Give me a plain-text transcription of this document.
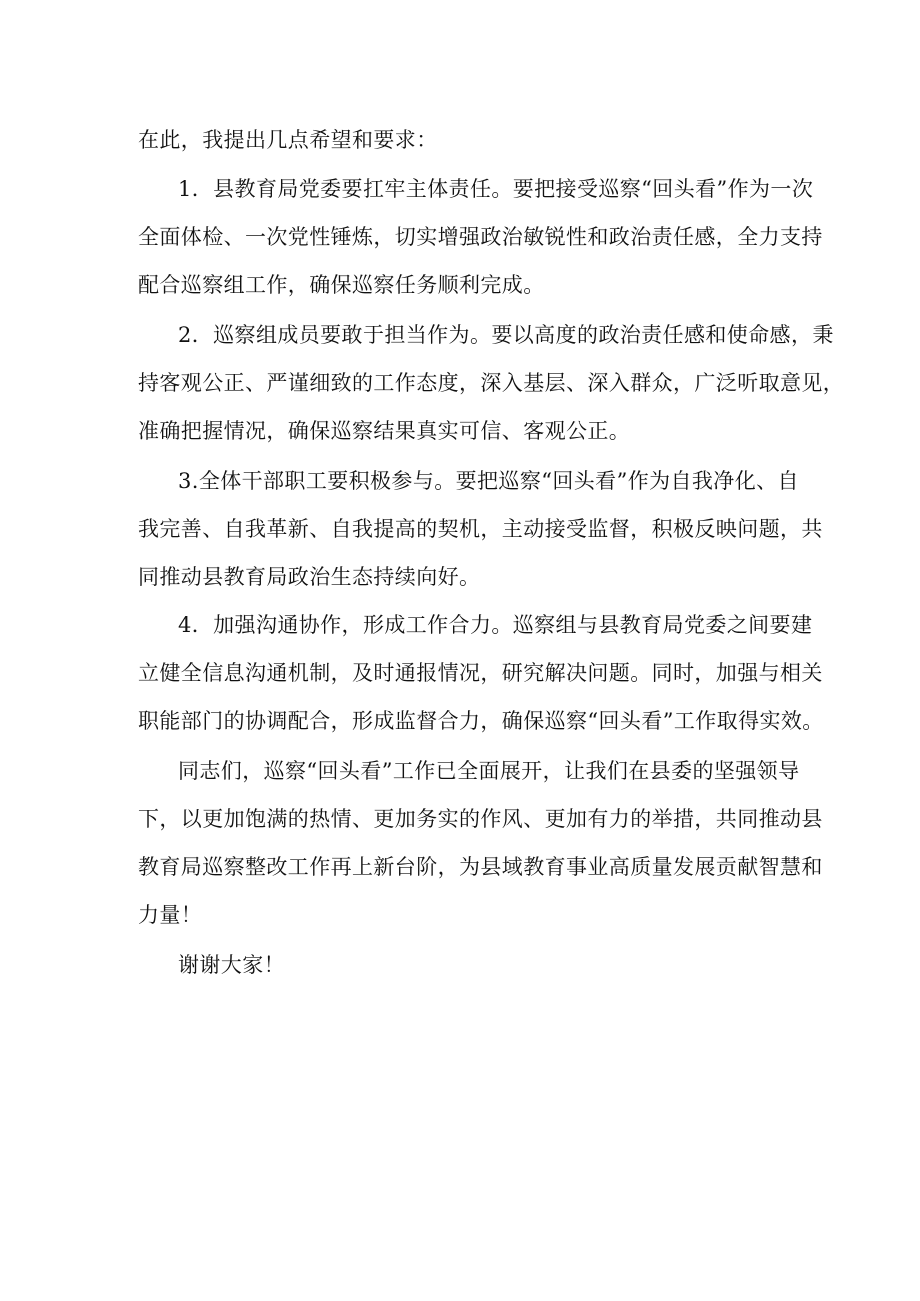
在此，我提出几点希望和要求：
1．县教育局党委要扛牢主体责任。要把接受巡察“回头看”作为一次
全面体检、一次党性锤炼，切实增强政治敏锐性和政治责任感，全力支持
配合巡察组工作，确保巡察任务顺利完成。
2．巡察组成员要敢于担当作为。要以高度的政治责任感和使命感，秉
持客观公正、严谨细致的工作态度，深入基层、深入群众，广泛听取意见，
准确把握情况，确保巡察结果真实可信、客观公正。
3.全体干部职工要积极参与。要把巡察“回头看”作为自我净化、自
我完善、自我革新、自我提高的契机，主动接受监督，积极反映问题，共
同推动县教育局政治生态持续向好。
4．加强沟通协作，形成工作合力。巡察组与县教育局党委之间要建
立健全信息沟通机制，及时通报情况，研究解决问题。同时，加强与相关
职能部门的协调配合，形成监督合力，确保巡察“回头看”工作取得实效。
同志们，巡察“回头看”工作已全面展开，让我们在县委的坚强领导
下，以更加饱满的热情、更加务实的作风、更加有力的举措，共同推动县
教育局巡察整改工作再上新台阶，为县域教育事业高质量发展贡献智慧和
力量！
谢谢大家！
